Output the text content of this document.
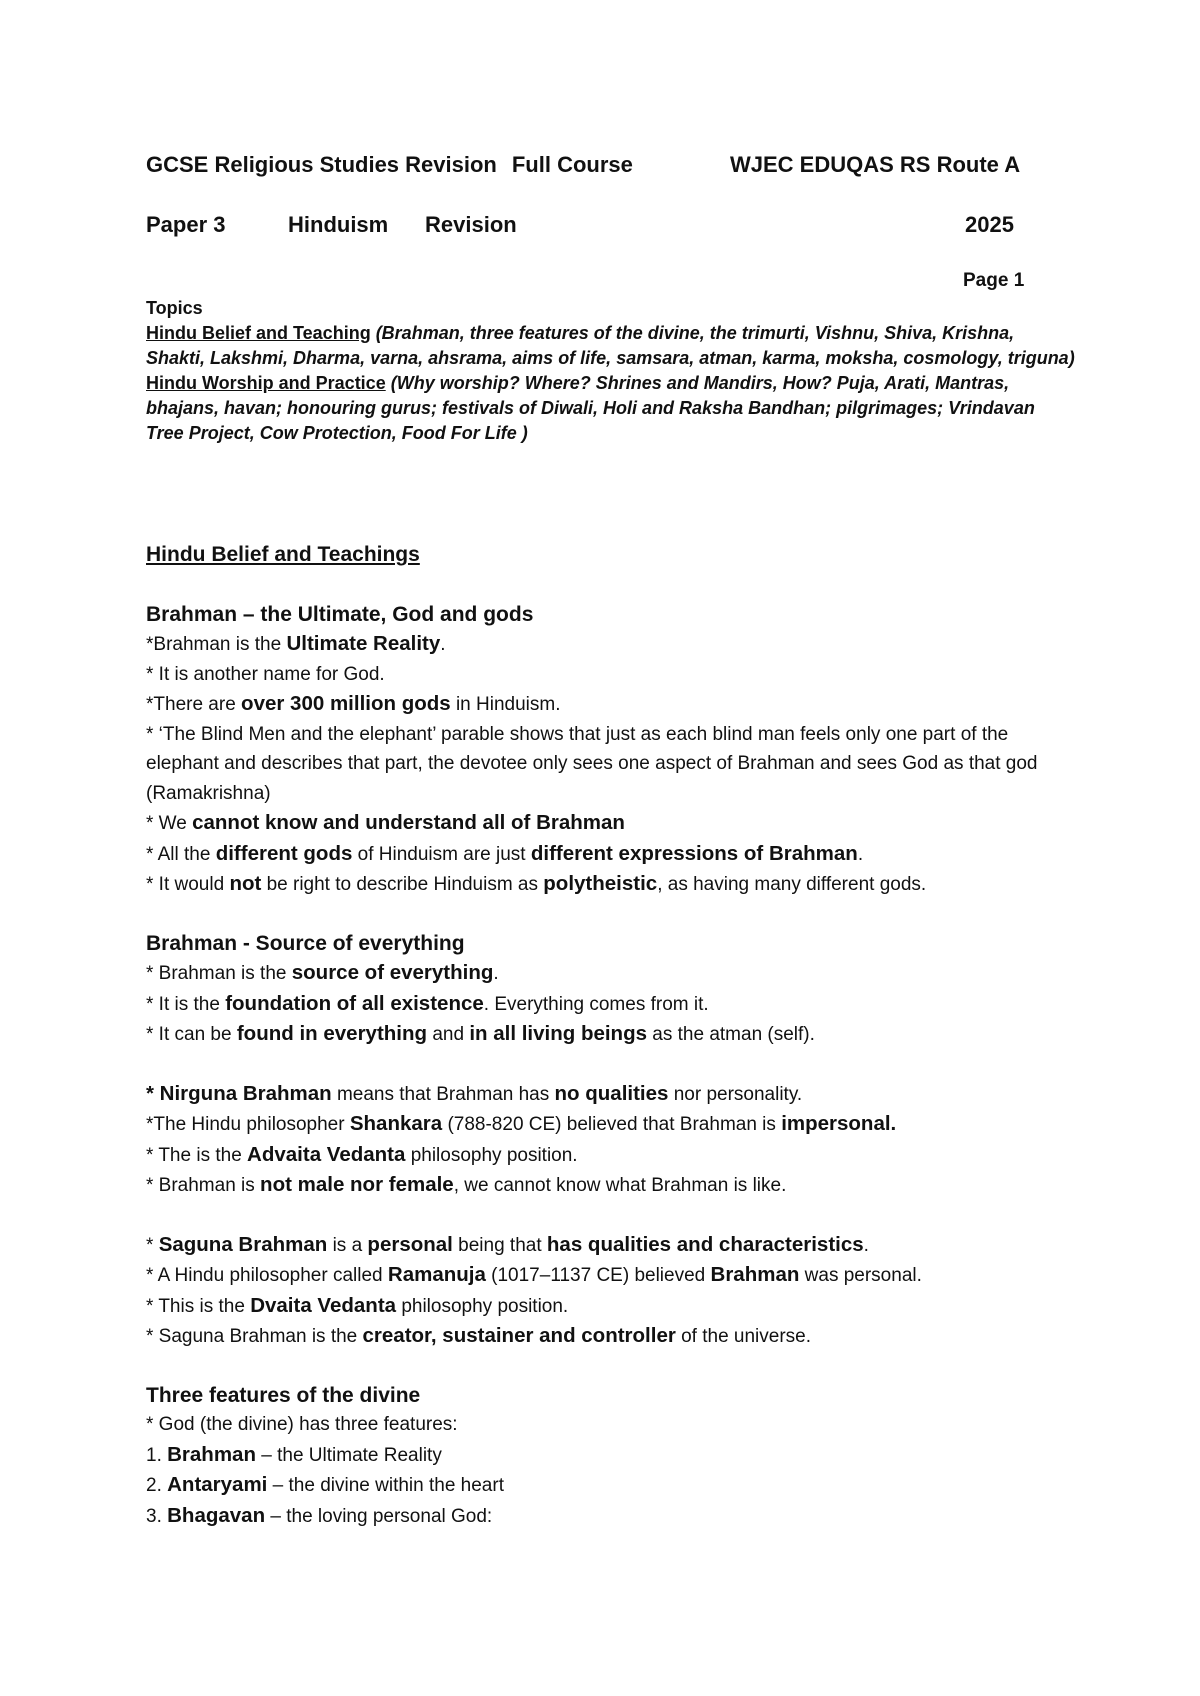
GCSE Religious Studies Revision Full Course	WJEC EDUQAS RS Route A
Paper 3	Hinduism Revision	2025
Page 1
Topics
Hindu Belief and Teaching (Brahman, three features of the divine, the trimurti, Vishnu, Shiva, Krishna, Shakti, Lakshmi, Dharma, varna, ahsrama, aims of life, samsara, atman, karma, moksha, cosmology, triguna)
Hindu Worship and Practice (Why worship? Where? Shrines and Mandirs, How? Puja, Arati, Mantras, bhajans, havan; honouring gurus; festivals of Diwali, Holi and Raksha Bandhan; pilgrimages; Vrindavan Tree Project, Cow Protection, Food For Life )
Hindu Belief and Teachings
Brahman – the Ultimate, God and gods
*Brahman is the Ultimate Reality.
* It is another name for God.
*There are over 300 million gods in Hinduism.
* ‘The Blind Men and the elephant’ parable shows that just as each blind man feels only one part of the elephant and describes that part, the devotee only sees one aspect of Brahman and sees God as that god (Ramakrishna)
* We cannot know and understand all of Brahman
* All the different gods of Hinduism are just different expressions of Brahman.
* It would not be right to describe Hinduism as polytheistic, as having many different gods.
Brahman - Source of everything
* Brahman is the source of everything.
* It is the foundation of all existence. Everything comes from it.
* It can be found in everything and in all living beings as the atman (self).
* Nirguna Brahman means that Brahman has no qualities nor personality.
*The Hindu philosopher Shankara (788-820 CE) believed that Brahman is impersonal.
* The is the Advaita Vedanta philosophy position.
* Brahman is not male nor female, we cannot know what Brahman is like.
* Saguna Brahman is a personal being that has qualities and characteristics.
* A Hindu philosopher called Ramanuja (1017–1137 CE) believed Brahman was personal.
* This is the Dvaita Vedanta philosophy position.
* Saguna Brahman is the creator, sustainer and controller of the universe.
Three features of the divine
* God (the divine) has three features:
1. Brahman – the Ultimate Reality
2. Antaryami – the divine within the heart
3. Bhagavan – the loving personal God:
